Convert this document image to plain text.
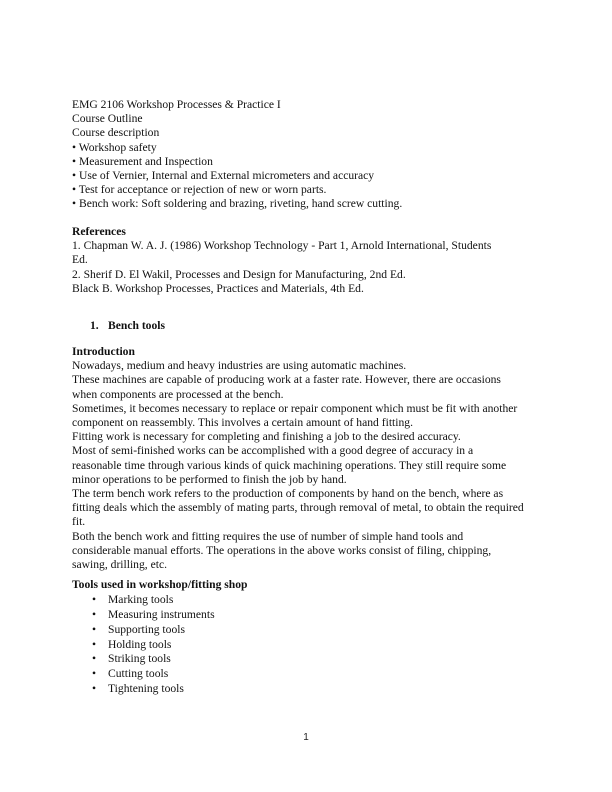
EMG 2106 Workshop Processes & Practice I
Course Outline
Course description
• Workshop safety
• Measurement and Inspection
• Use of Vernier, Internal and External micrometers and accuracy
• Test for acceptance or rejection of new or worn parts.
• Bench work: Soft soldering and brazing, riveting, hand screw cutting.
References
1. Chapman W. A. J. (1986) Workshop Technology - Part 1, Arnold International, Students
Ed.
2. Sherif D. El Wakil, Processes and Design for Manufacturing, 2nd Ed.
Black B. Workshop Processes, Practices and Materials, 4th Ed.
1. Bench tools
Introduction
Nowadays, medium and heavy industries are using automatic machines.
These machines are capable of producing work at a faster rate. However, there are occasions
when components are processed at the bench.
Sometimes, it becomes necessary to replace or repair component which must be fit with another
component on reassembly. This involves a certain amount of hand fitting.
Fitting work is necessary for completing and finishing a job to the desired accuracy.
Most of semi-finished works can be accomplished with a good degree of accuracy in a
reasonable time through various kinds of quick machining operations. They still require some
minor operations to be performed to finish the job by hand.
The term bench work refers to the production of components by hand on the bench, where as
fitting deals which the assembly of mating parts, through removal of metal, to obtain the required
fit.
Both the bench work and fitting requires the use of number of simple hand tools and
considerable manual efforts. The operations in the above works consist of filing, chipping,
sawing, drilling, etc.
Tools used in workshop/fitting shop
• Marking tools
• Measuring instruments
• Supporting tools
• Holding tools
• Striking tools
• Cutting tools
• Tightening tools
1
